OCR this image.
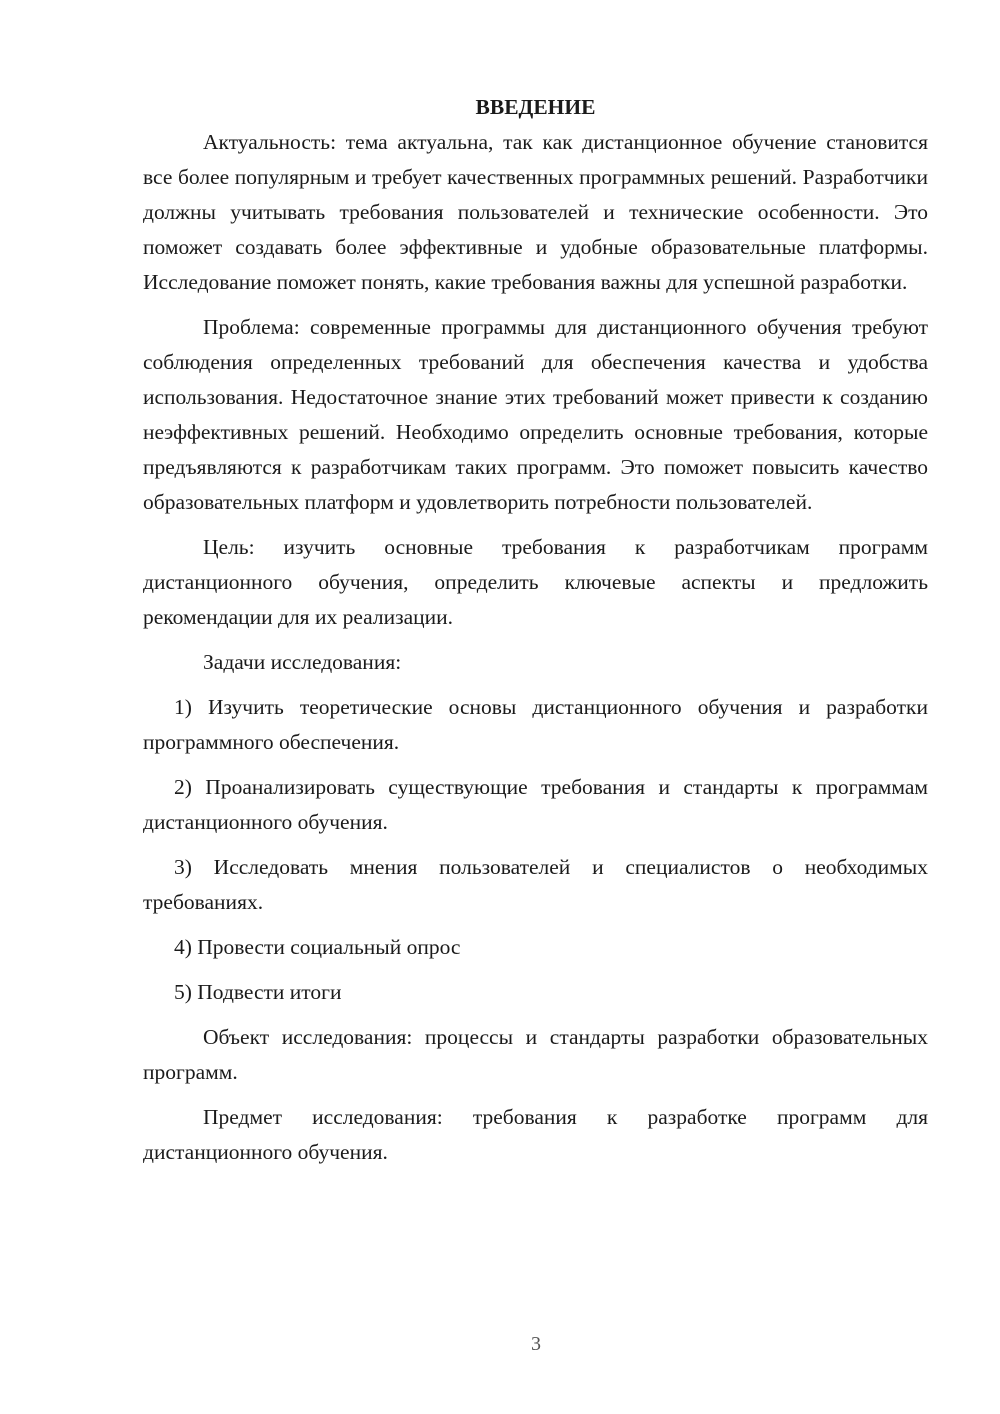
ВВЕДЕНИЕ

Актуальность: тема актуальна, так как дистанционное обучение становится все более популярным и требует качественных программных решений. Разработчики должны учитывать требования пользователей и технические особенности. Это поможет создавать более эффективные и удобные образовательные платформы. Исследование поможет понять, какие требования важны для успешной разработки.

Проблема: современные программы для дистанционного обучения требуют соблюдения определенных требований для обеспечения качества и удобства использования. Недостаточное знание этих требований может привести к созданию неэффективных решений. Необходимо определить основные требования, которые предъявляются к разработчикам таких программ. Это поможет повысить качество образовательных платформ и удовлетворить потребности пользователей.

Цель: изучить основные требования к разработчикам программ дистанционного обучения, определить ключевые аспекты и предложить рекомендации для их реализации.

Задачи исследования:

1) Изучить теоретические основы дистанционного обучения и разработки программного обеспечения.

2) Проанализировать существующие требования и стандарты к программам дистанционного обучения.

3) Исследовать мнения пользователей и специалистов о необходимых требованиях.

4) Провести социальный опрос

5) Подвести итоги

Объект исследования: процессы и стандарты разработки образовательных программ.

Предмет исследования: требования к разработке программ для дистанционного обучения.

3
